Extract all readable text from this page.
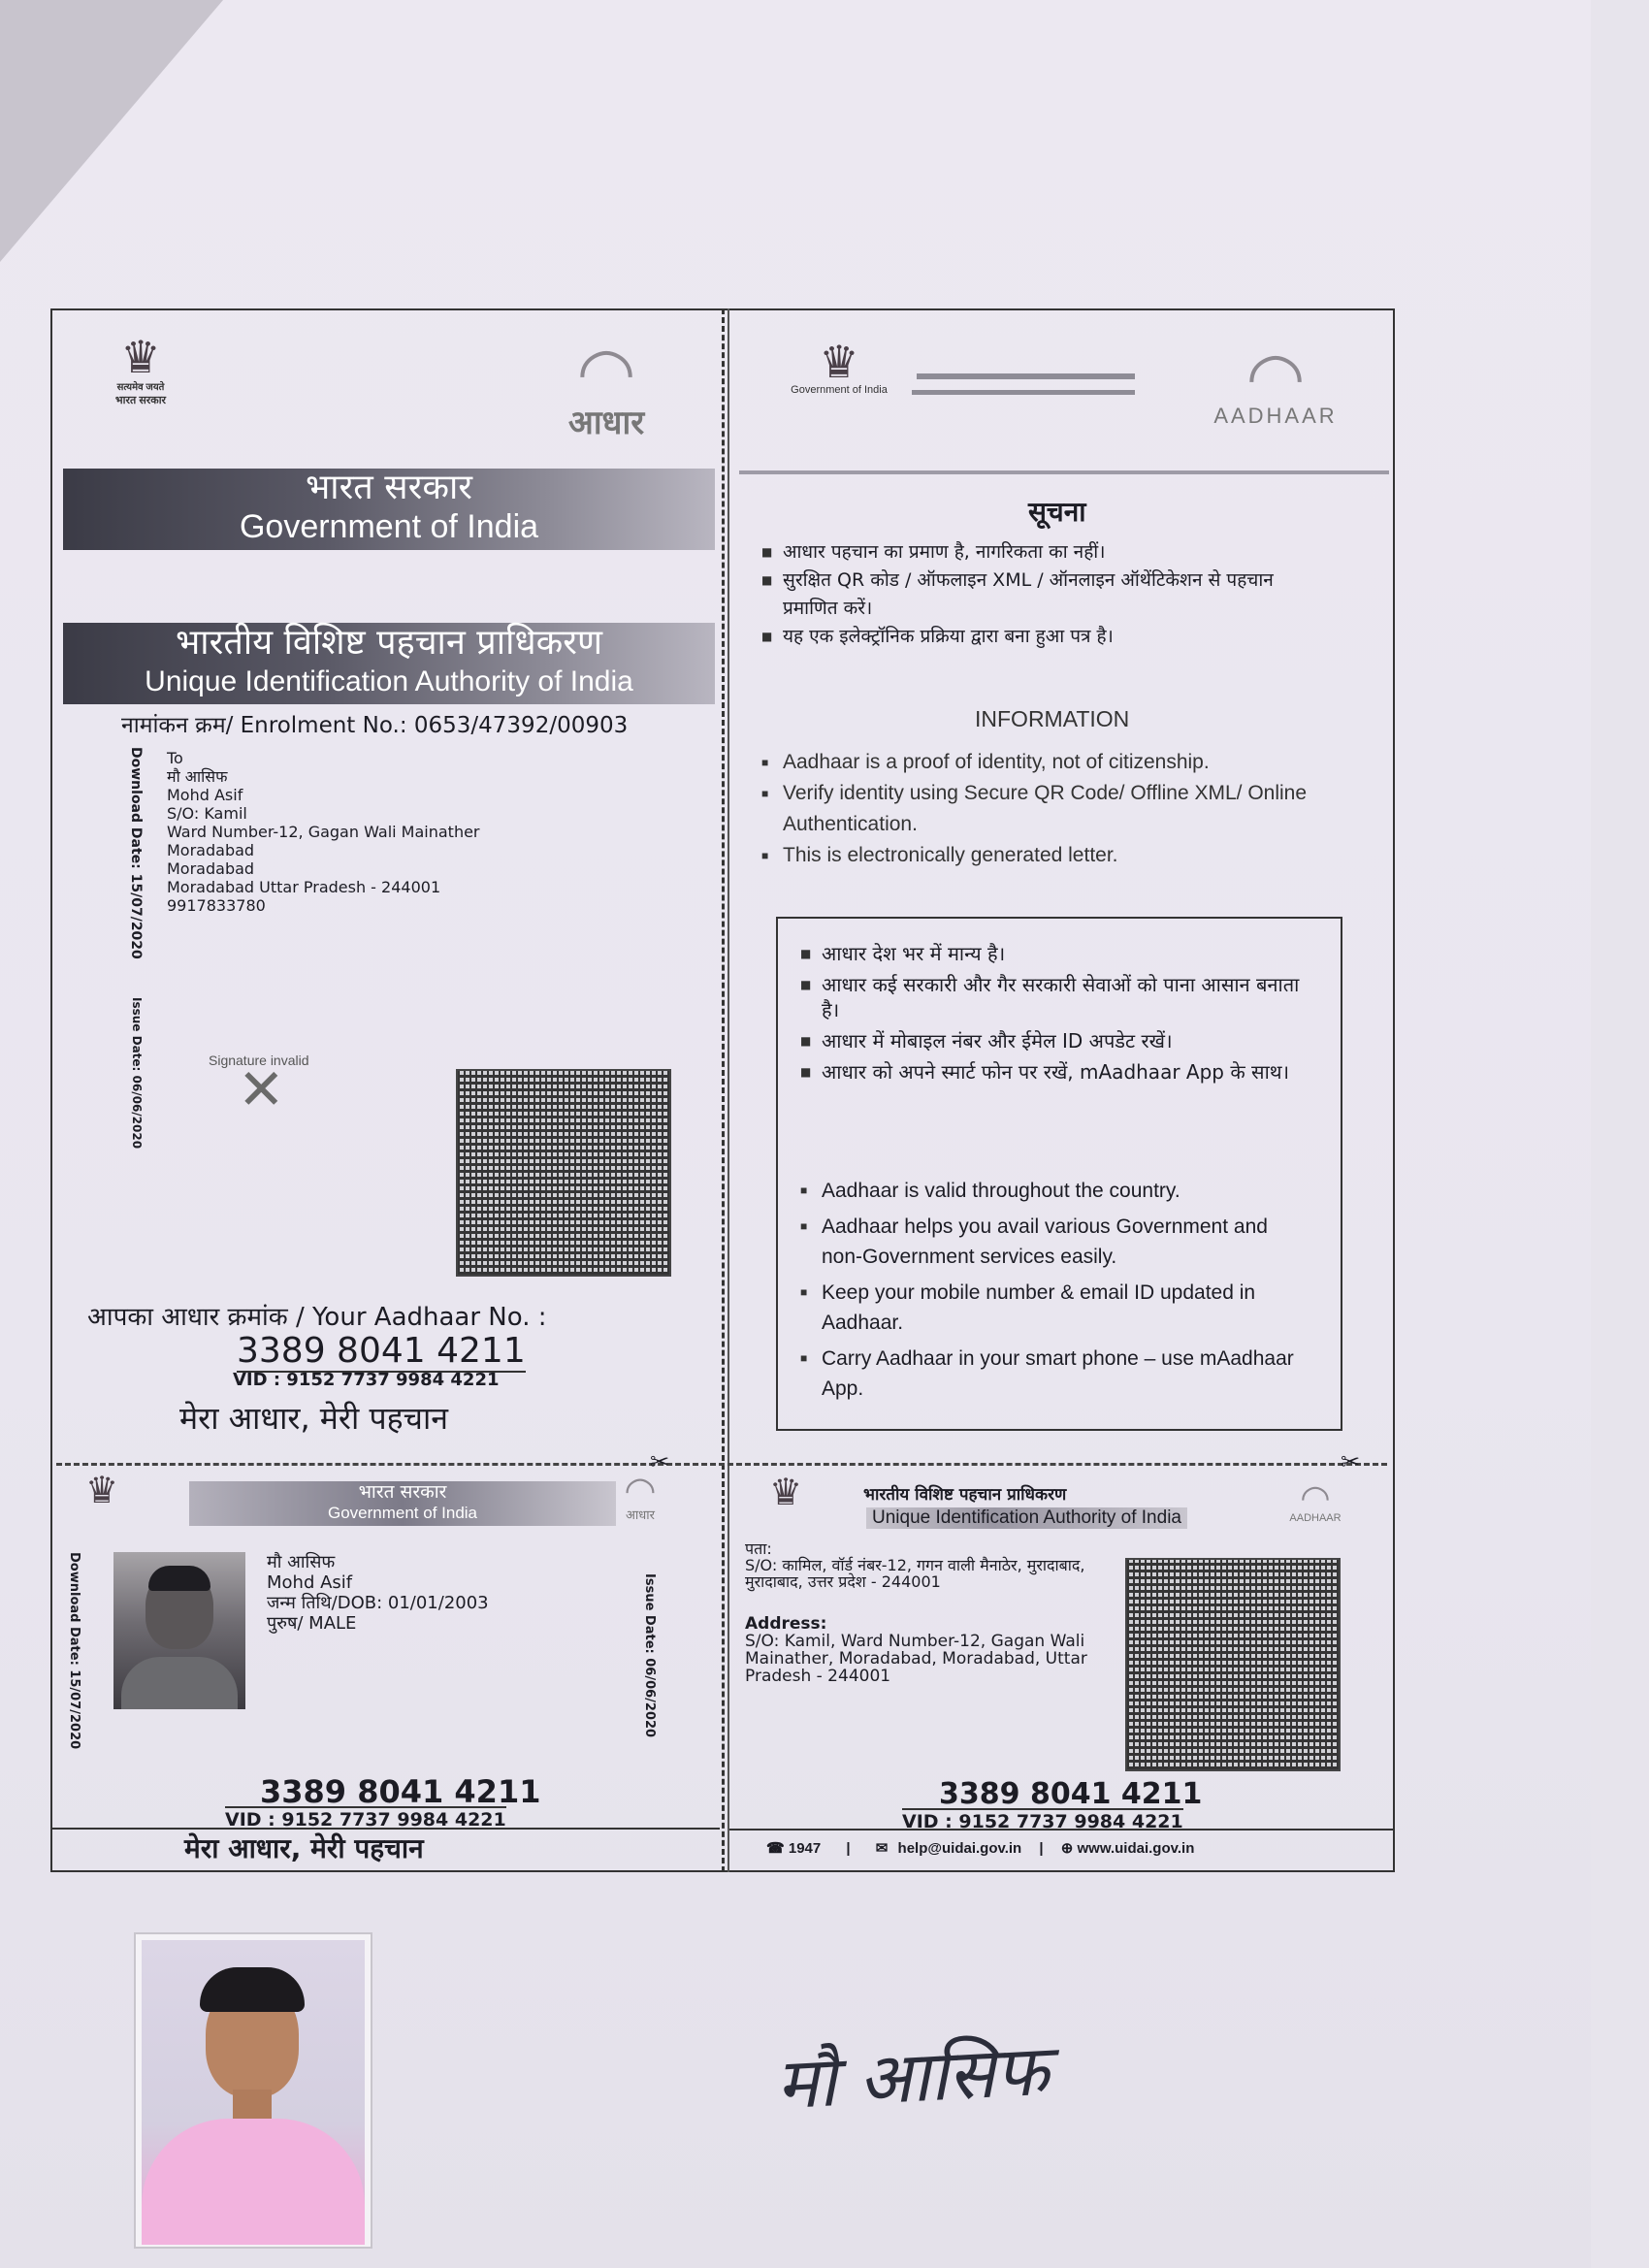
♛
सत्यमेव जयते
भारत सरकार	◠
आधार
भारत सरकार
Government of India
भारतीय विशिष्ट पहचान प्राधिकरण
Unique Identification Authority of India
नामांकन क्रम/ Enrolment No.: 0653/47392/00903
Download Date: 15/07/2020
Issue Date: 06/06/2020
To
मौ आसिफ
Mohd Asif
S/O: Kamil
Ward Number-12, Gagan Wali Mainather
Moradabad
Moradabad
Moradabad Uttar Pradesh - 244001
9917833780
Signature invalid
✕
आपका आधार क्रमांक / Your Aadhaar No. :
3389 8041 4211
VID : 9152 7737 9984 4221
मेरा आधार, मेरी पहचान
♛
Government of India	◠
AADHAAR
सूचना
■ आधार पहचान का प्रमाण है, नागरिकता का नहीं।
■ सुरक्षित QR कोड / ऑफलाइन XML / ऑनलाइन ऑथेंटिकेशन से पहचान प्रमाणित करें।
■ यह एक इलेक्ट्रॉनिक प्रक्रिया द्वारा बना हुआ पत्र है।
INFORMATION
■ Aadhaar is a proof of identity, not of citizenship.
■ Verify identity using Secure QR Code/ Offline XML/ Online Authentication.
■ This is electronically generated letter.
■ आधार देश भर में मान्य है।
■ आधार कई सरकारी और गैर सरकारी सेवाओं को पाना आसान बनाता है।
■ आधार में मोबाइल नंबर और ईमेल ID अपडेट रखें।
■ आधार को अपने स्मार्ट फोन पर रखें, mAadhaar App के साथ।
■ Aadhaar is valid throughout the country.
■ Aadhaar helps you avail various Government and non-Government services easily.
■ Keep your mobile number & email ID updated in Aadhaar.
■ Carry Aadhaar in your smart phone – use mAadhaar App.
✂	✂
♛	भारत सरकार
Government of India
◠
आधार
Download Date: 15/07/2020	Issue Date: 06/06/2020
मौ आसिफ
Mohd Asif
जन्म तिथि/DOB: 01/01/2003
पुरुष/ MALE
3389 8041 4211
VID : 9152 7737 9984 4221
मेरा आधार, मेरी पहचान
♛	भारतीय विशिष्ट पहचान प्राधिकरण
Unique Identification Authority of India
◠
AADHAAR
पता:
S/O: कामिल, वॉर्ड नंबर-12, गगन वाली मैनाठेर, मुरादाबाद, मुरादाबाद, उत्तर प्रदेश - 244001
Address:
S/O: Kamil, Ward Number-12, Gagan Wali Mainather, Moradabad, Moradabad, Uttar Pradesh - 244001
3389 8041 4211
VID : 9152 7737 9984 4221
☎ 1947 | ✉ help@uidai.gov.in | ⊕ www.uidai.gov.in
मौ आसिफ
